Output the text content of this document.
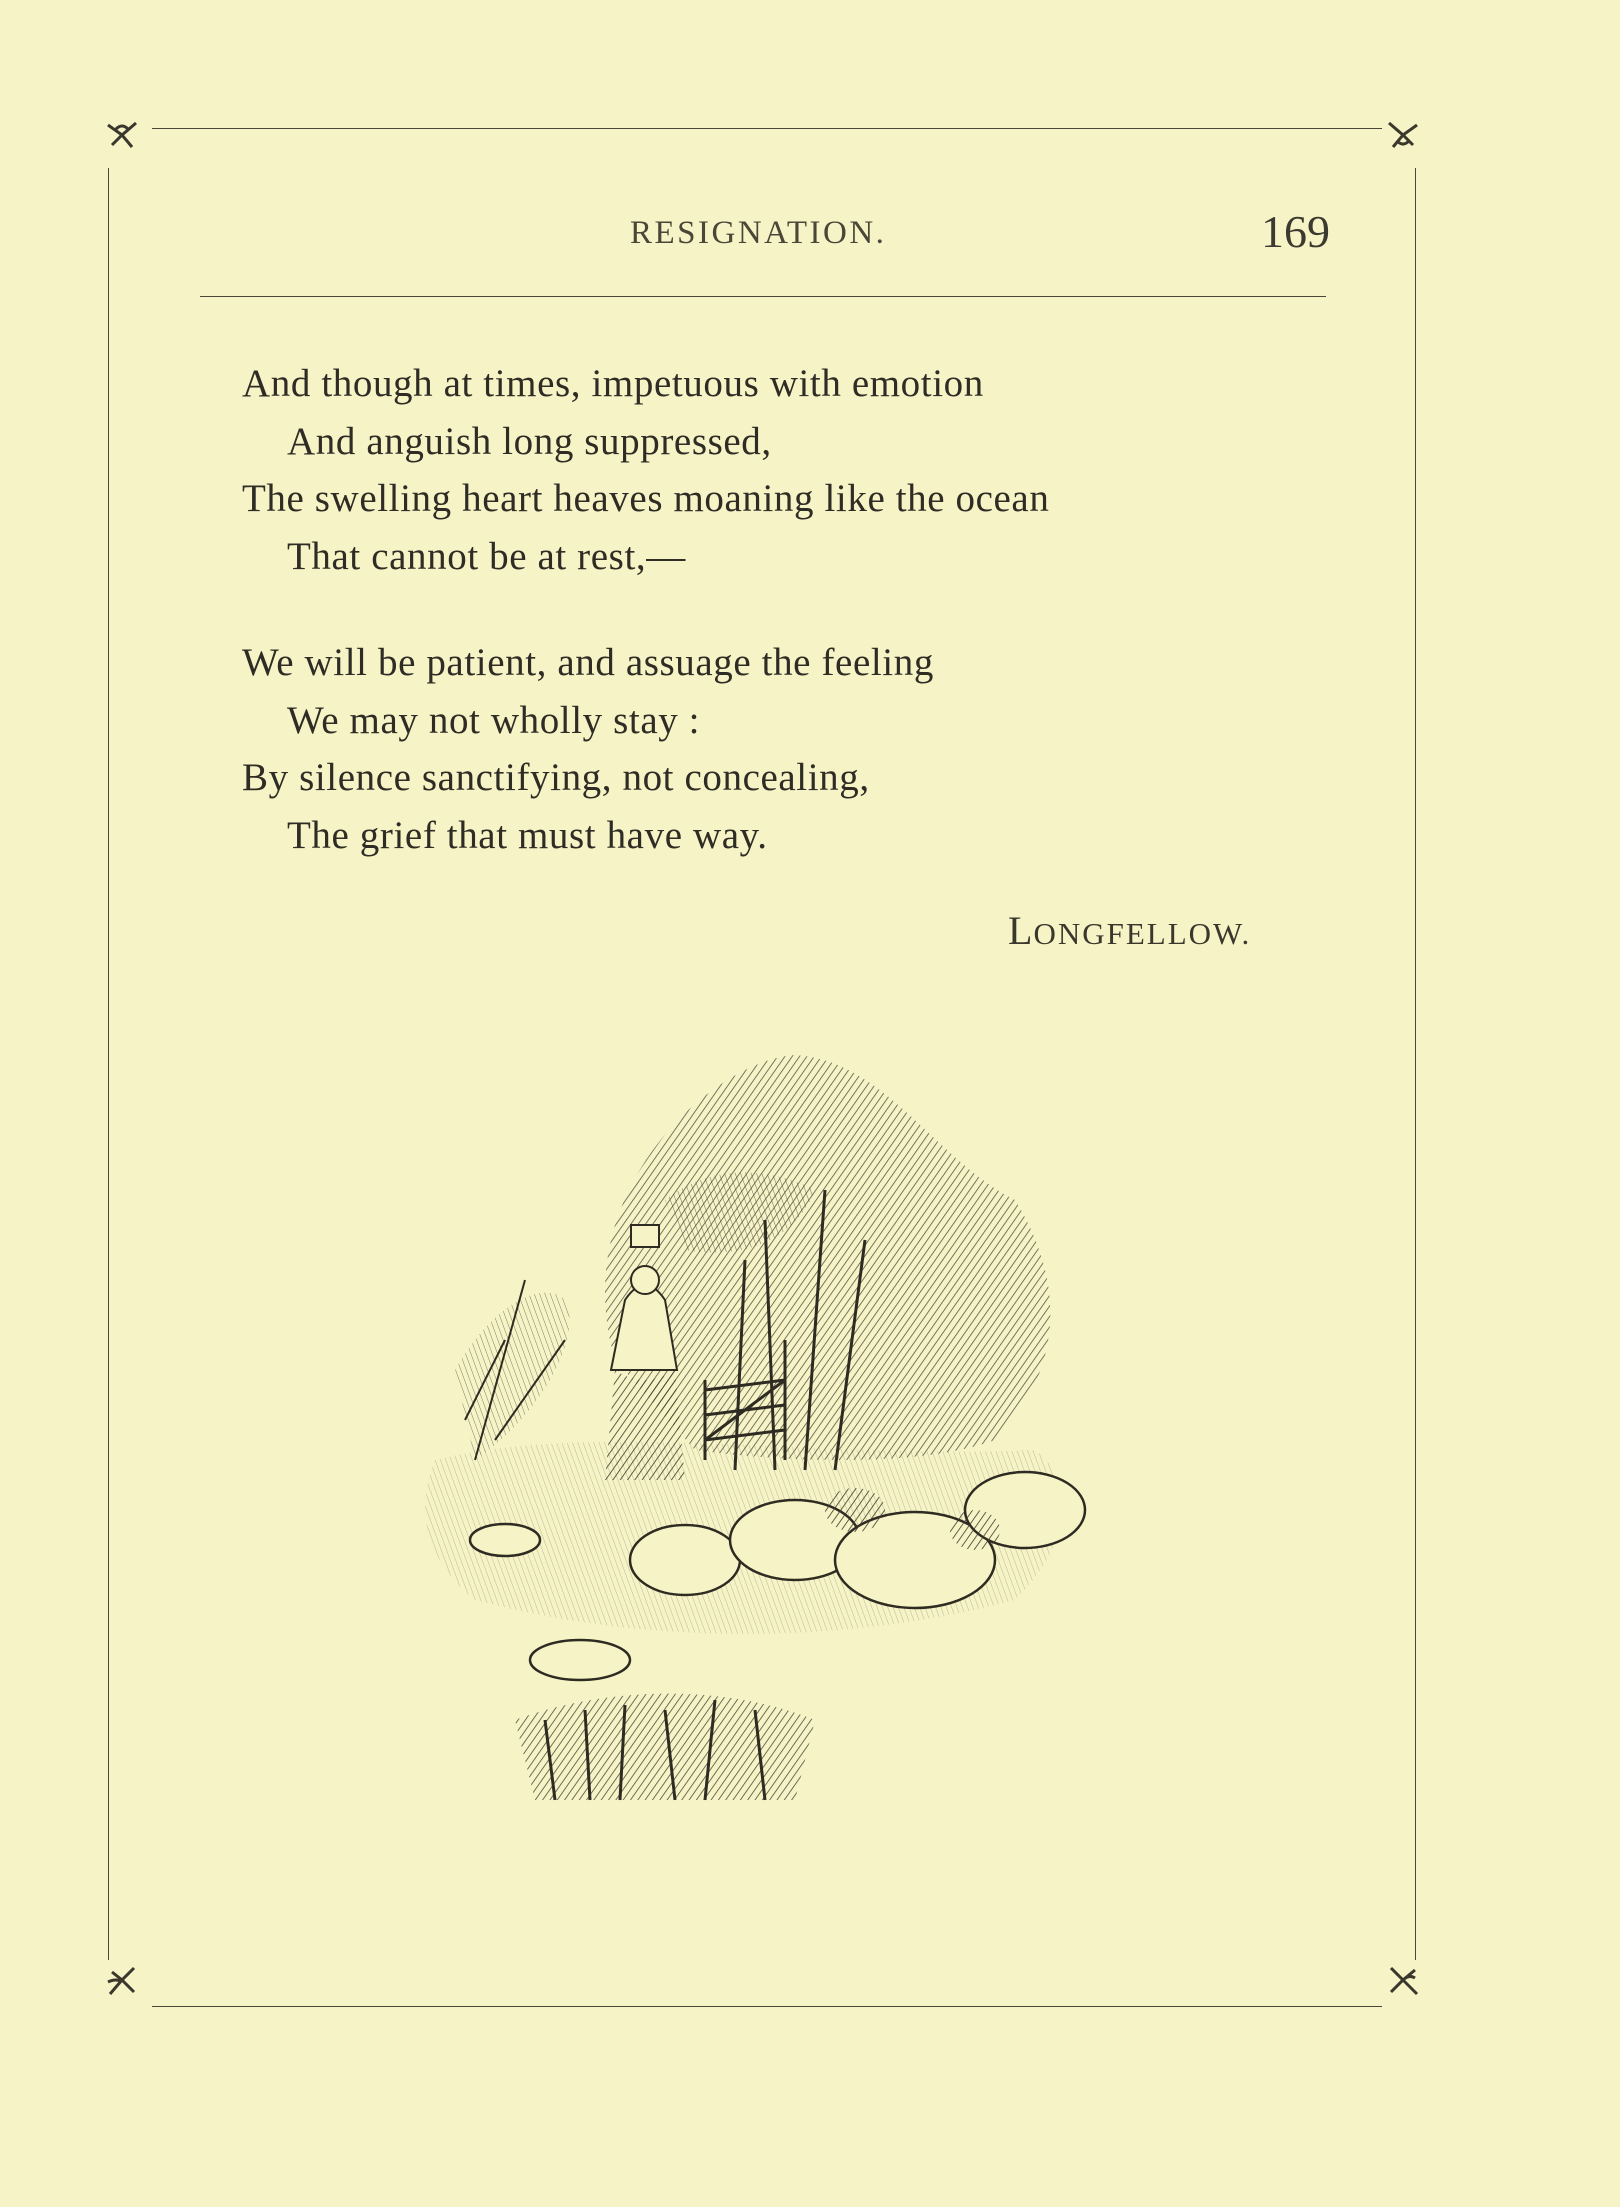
RESIGNATION.	169
And though at times, impetuous with emotion
And anguish long suppressed,
The swelling heart heaves moaning like the ocean
That cannot be at rest,—
We will be patient, and assuage the feeling
We may not wholly stay :
By silence sanctifying, not concealing,
The grief that must have way.
LONGFELLOW.
